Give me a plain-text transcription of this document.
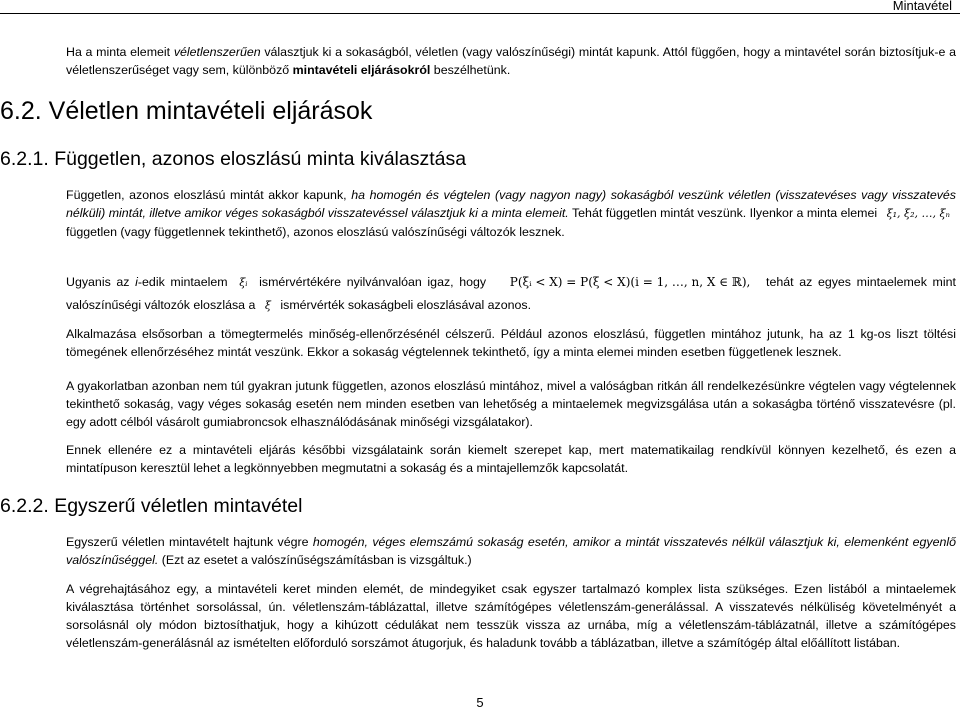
Mintavétel

Ha a minta elemeit véletlenszerűen választjuk ki a sokaságból, véletlen (vagy valószínűségi) mintát kapunk. Attól függően, hogy a mintavétel során biztosítjuk-e a véletlenszerűséget vagy sem, különböző mintavételi eljárásokról beszélhetünk.

6.2. Véletlen mintavételi eljárások
6.2.1. Független, azonos eloszlású minta kiválasztása

Független, azonos eloszlású mintát akkor kapunk, ha homogén és végtelen (vagy nagyon nagy) sokaságból veszünk véletlen (visszatevéses vagy visszatevés nélküli) mintát, illetve amikor véges sokaságból visszatevéssel választjuk ki a minta elemeit. Tehát független mintát veszünk. Ilyenkor a minta elemei ξ₁, ξ₂, …, ξₙ független (vagy függetlennek tekinthető), azonos eloszlású valószínűségi változók lesznek.

Ugyanis az i-edik mintaelem ξᵢ ismérvértékére nyilvánvalóan igaz, hogy P(ξᵢ < X) = P(ξ < X)(i = 1, …, n, X ∈ ℝ), tehát az egyes mintaelemek mint valószínűségi változók eloszlása a ξ ismérvérték sokaságbeli eloszlásával azonos.

Alkalmazása elsősorban a tömegtermelés minőség-ellenőrzésénél célszerű. Például azonos eloszlású, független mintához jutunk, ha az 1 kg-os liszt töltési tömegének ellenőrzéséhez mintát veszünk. Ekkor a sokaság végtelennek tekinthető, így a minta elemei minden esetben függetlenek lesznek.

A gyakorlatban azonban nem túl gyakran jutunk független, azonos eloszlású mintához, mivel a valóságban ritkán áll rendelkezésünkre végtelen vagy végtelennek tekinthető sokaság, vagy véges sokaság esetén nem minden esetben van lehetőség a mintaelemek megvizsgálása után a sokaságba történő visszatevésre (pl. egy adott célból vásárolt gumiabroncsok elhasználódásának minőségi vizsgálatakor).

Ennek ellenére ez a mintavételi eljárás későbbi vizsgálataink során kiemelt szerepet kap, mert matematikailag rendkívül könnyen kezelhető, és ezen a mintatípuson keresztül lehet a legkönnyebben megmutatni a sokaság és a mintajellemzők kapcsolatát.

6.2.2. Egyszerű véletlen mintavétel

Egyszerű véletlen mintavételt hajtunk végre homogén, véges elemszámú sokaság esetén, amikor a mintát visszatevés nélkül választjuk ki, elemenként egyenlő valószínűséggel. (Ezt az esetet a valószínűségszámításban is vizsgáltuk.)

A végrehajtásához egy, a mintavételi keret minden elemét, de mindegyiket csak egyszer tartalmazó komplex lista szükséges. Ezen listából a mintaelemek kiválasztása történhet sorsolással, ún. véletlenszám-táblázattal, illetve számítógépes véletlenszám-generálással. A visszatevés nélküliség követelményét a sorsolásnál oly módon biztosíthatjuk, hogy a kihúzott cédulákat nem tesszük vissza az urnába, míg a véletlenszám-táblázatnál, illetve a számítógépes véletlenszám-generálásnál az ismételten előforduló sorszámot átugorjuk, és haladunk tovább a táblázatban, illetve a számítógép által előállított listában.

5
